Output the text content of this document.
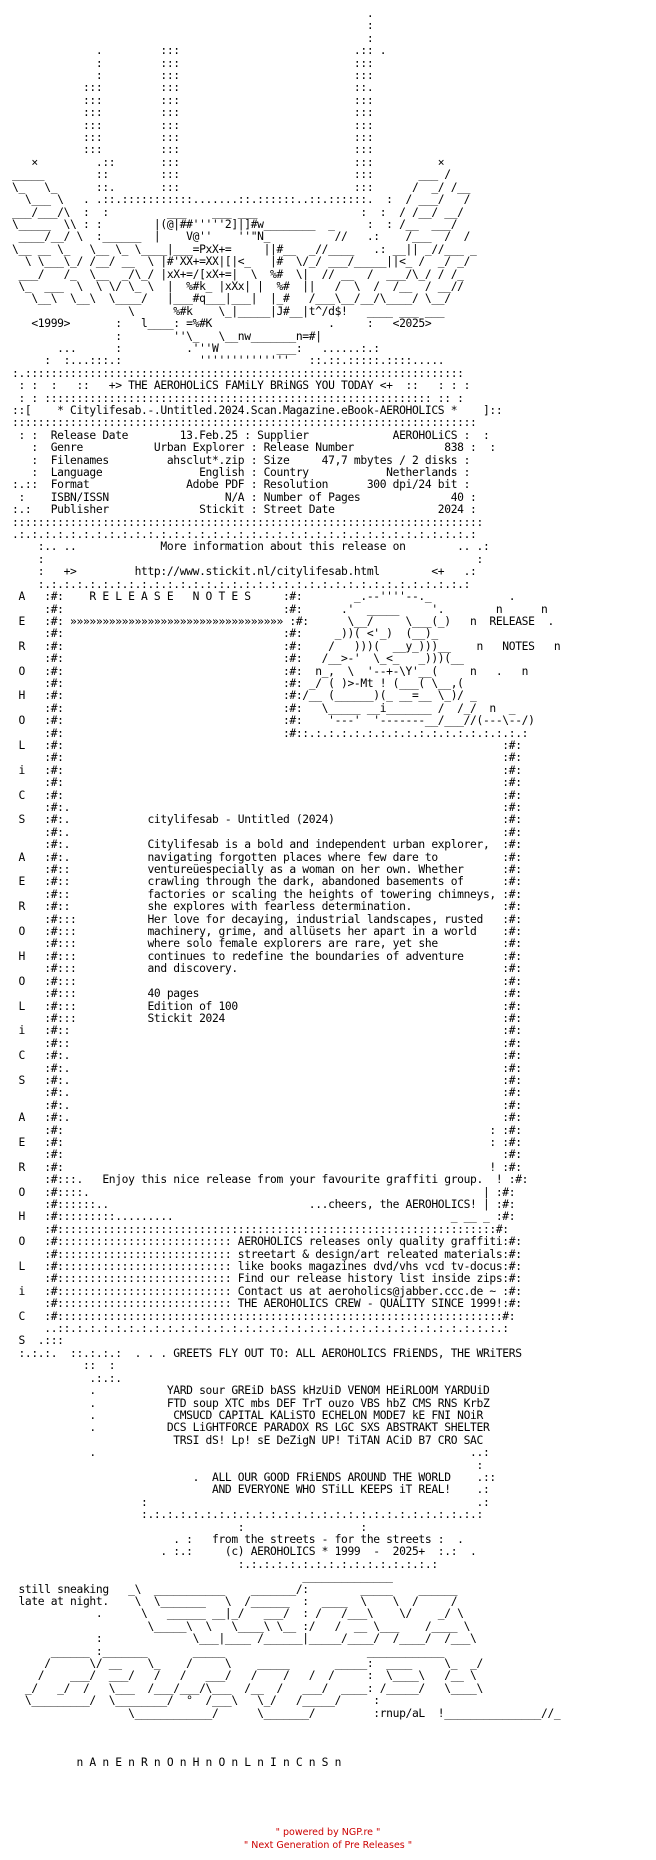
.
:
:
.         :::                           .:: .
:         :::                           :::
:         :::                           :::
:::         :::                           ::.
:::         :::                           :::
:::         :::                           :::
:::         :::                           :::
:::         :::                           :::
:::         :::                           :::
×         .::       :::                           :::          ×
_____        ::        :::                           :::       ___ /
\_   \_      ::.       :::                           :::      /  _/ /__
\___ \   . .::.:::::::::::.......::.::::::..::.::::::.  :  / ___/   /
___/___/\  :  :         ___    ___ ___                :  :  / /__/ __/
\_____  \\ : :        |(@|##'''''2]|]#w________  _     :  : /__  ___/
____/__/ \  :______  |    V@''    ''"N_          //   .:    /___  /  /
\__ __ \_   \__ \_ \____|___=PxX+=     ||#__  _//____   .: __|| _//___ _
\ \___\_/ /__/ __  \ |#'XX+=XX|[|<_   |#  \/_/ ___/_____||<_ /  _/ _/
___/   /_  \__  _/\_/ |xX+=/[xX+=|  \  %#  \|  // __  /  ___/\_/ / /_
\_  ___  \  \ \/ \_ \  |  %#k_ |xXx| |  %#  ||   /  \  /  /__  / __//
\__\  \__\  \____/   |___#q___|___|  |_#   /___\__/__/\____/ \__/
\      %#k    \_|_____|J#__|t^/d$!   ____ ___ ___
<1999>       :   l____: =%#K                  .     :   <2025>
:        ''\_   \__nw_______n=#|
...      :          .'''W         ___:   ......:.:
:  :...:::.:            ''''''''''''''   ::.::.:::::.::::.....
:.::::::::::::::::::::::::::::::::::::::::::::::::::::::::::::::::::::
: :  :   ::   +> THE AEROHOLiCS FAMiLY BRiNGS YOU TODAY <+  ::   : : :
: : :::::::::::::::::::::::::::::::::::::::::::::::::::::::::::: :: :
::[    * Citylifesab.-.Untitled.2024.Scan.Magazine.eBook-AEROHOLICS *    ]::
::::::::::::::::::::::::::::::::::::::::::::::::::::::::::::::::::::::::
: :  Release Date        13.Feb.25 : Supplier             AEROHOLiCS :  :
:  Genre           Urban Explorer : Release Number              838 :  :
:  Filenames         ahsclut*.zip : Size     47,7 mbytes / 2 disks :
:  Language               English : Country            Netherlands :
:.::  Format               Adobe PDF : Resolution      300 dpi/24 bit :
:    ISBN/ISSN                  N/A : Number of Pages              40 :
:.:   Publisher              Stickit : Street Date                2024 :
:::::::::::::::::::::::::::::::::::::::::::::::::::::::::::::::::::::::::
.:.:.:.:.:.:.:.:.:.:.:.:.:.:.:.:.:.:.:.:.:.:.:.:.:.:.:.:.:.:.:.:.:.:.:.:
:.. ..             More information about this release on        .. .:
:                                                                   :
:   +>         http://www.stickit.nl/citylifesab.html        <+   .:
:.:.:.:.:.:.:.:.:.:.:.:.:.:.:.:.:.:.:.:.:.:.:.:.:.:.:.:.:.:.:.:.:.:
A   :#:    R E L E A S E   N O T E S     :#:        _.--''''--._            .
:#:                                  :#:      .'  _____     '.        n      n
E   :#: »»»»»»»»»»»»»»»»»»»»»»»»»»»»»»»»» :#:      \__/     \___(_)   n  RELEASE  .
:#:                                  :#:     _))( <'_)  (__)_
R   :#:                                  :#:    /   )))(  __y_)))__    n   NOTES   n
:#:                                  :#:   /__>-'  \_<_   _)))(__
O   :#:                                  :#:  n_,  \  '--+-\Y'__(     n   .   n
:#:                                  :#: _/ ( )>-Mt ! (___( \__,(
H   :#:                                  :#:/__ (______)(_ __=__ \_)/ _
:#:                                  :#:   \_____ __i_______ /  /_/  n  _
O   :#:                                  :#:    '---'  '-------__/___//(---\--/)
:#:                                  :#::.:.:.:.:.:.:.:.:.:.:.:.:.:.:.:.:.:
L   :#:                                                                    :#:
:#:                                                                    :#:
i   :#:                                                                    :#:
:#:                                                                    :#:
C   :#:                                                                    :#:
:#:.                                                                   :#:
S   :#:.            citylifesab - Untitled (2024)                          :#:
:#:.                                                                   :#:
:#:.            Citylifesab is a bold and independent urban explorer,  :#:
A   :#:.            navigating forgotten places where few dare to          :#:
:#::            ventureüespecially as a woman on her own. Whether      :#:
E   :#::            crawling through the dark, abandoned basements of      :#:
:#::            factories or scaling the heights of towering chimneys, :#:
R   :#::            she explores with fearless determination.              :#:
:#:::           Her love for decaying, industrial landscapes, rusted   :#:
O   :#:::           machinery, grime, and allüsets her apart in a world    :#:
:#:::           where solo female explorers are rare, yet she          :#:
H   :#:::           continues to redefine the boundaries of adventure      :#:
:#:::           and discovery.                                         :#:
O   :#:::                                                                  :#:
:#:::           40 pages                                               :#:
L   :#:::           Edition of 100                                         :#:
:#:::           Stickit 2024                                           :#:
i   :#::                                                                   :#:
:#::                                                                   :#:
C   :#:.                                                                   :#:
:#:.                                                                   :#:
S   :#:.                                                                   :#:
:#:.                                                                   :#:
:#:.                                                                   :#:
A   :#:.                                                                   :#:
:#:                                                                  : :#:
E   :#:                                                                  : :#:
:#:                                                                    :#:
R   :#:                                                                  ! :#:
:#:::.   Enjoy this nice release from your favourite graffiti group.  ! :#:
O   :#::::.                                                             | :#:
:#::::::..                               ...cheers, the AEROHOLICS! | :#:
H   :#:::::::::.........                                           _ __ _ :#:
:#::::::::::::::::::::::::::::::::::::::::::::::::::::::::::::::::::::#:
O   :#::::::::::::::::::::::::::: AEROHOLICS releases only quality graffiti:#:
:#::::::::::::::::::::::::::: streetart & design/art releated materials:#:
L   :#::::::::::::::::::::::::::: like books magazines dvd/vhs vcd tv-docus:#:
:#::::::::::::::::::::::::::: Find our release history list inside zips:#:
i   :#::::::::::::::::::::::::::: Contact us at aeroholics@jabber.ccc.de ~ :#:
:#::::::::::::::::::::::::::: THE AEROHOLICS CREW - QUALITY SINCE 1999!:#:
C   :#:::::::::::::::::::::::::::::::::::::::::::::::::::::::::::::::::::::#:
..::.:.:.:.:.:.:.:.:.:.:.:.:.:.:.:.:.:.:.:.:.:.:.:.:.:.:.:.:.:.:.:.:.:.:
S  .:::
:.:.:.  ::.:.:.:  . . . GREETS FLY OUT TO: ALL AEROHOLICS FRiENDS, THE WRiTERS
::  :
.:.:.
.           YARD sour GREiD bASS kHzUiD VENOM HEiRLOOM YARDUiD
.           FTD soup XTC mbs DEF TrT ouzo VBS hbZ CMS RNS KrbZ
.            CMSUCD CAPITAL KALiSTO ECHELON MODE7 kE FNI NOiR
.           DCS LiGHTFORCE PARADOX RS LGC SXS ABSTRAKT SHELTER
TRSI dS! Lp! sE DeZigN UP! TiTAN ACiD B7 CRO SAC
.                                                          ..:
:
.  ALL OUR GOOD FRiENDS AROUND THE WORLD    .::
AND EVERYONE WHO STiLL KEEPS iT REAL!    .:
:                                                   .:
:.:.:.:.:.:.:.:.:.:.:.:.:.:.:.:.:.:.:.:.:.:.:.:.:.:.:
:                  :
. :   from the streets - for the streets :  .
. :.:     (c) AEROHOLICS * 1999  -  2025+  :.:  .
:.:.:.:.:.:.:.:.:.:.:.:.:.:.:.:
______________
still sneaking   _\  ___________    _______/:        _____    ______
late at night.    \  \_______   \  /______  :  ____  \    \  /     /
.      \   ______ __|_/   ___/  : /   /___\    \/    _/ \
\_____\  \   \____\ \__ :/   /  __ \___    /____ \
:              \___|____ /______|_____/____/  /____/  /___\
______ :_______       _____                      ____________
/      \/ __    \_    /     \    _____       _____:  ____     \_  _/
/    ___/  ___/   /   /   ___/   /    /   /  /     :  \____\   /__ \
_/   _/  /   \___  /___/___/\___  /__  /   ___/  ____: /_____/   \____\
\_________/  \________/  °  /___\   \_/   /_____/     :
\____________/      \_______/         :rnup/aL  !_______________//_

n A n E n R n O n H n O n L n I n C n S n
" powered by NGP.re "
" Next Generation of Pre Releases "
